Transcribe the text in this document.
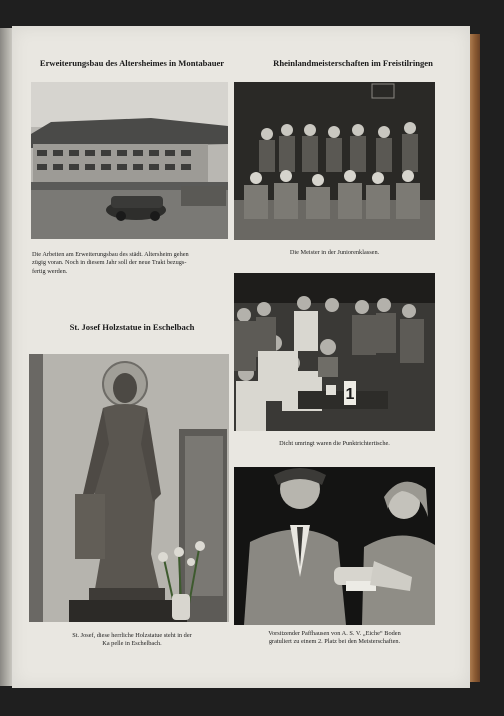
Erweiterungsbau des Altersheimes in Montabauer
Die Arbeiten am Erweiterungsbau des städt. Altersheim gehen
zügig voran. Noch in diesem Jahr soll der neue Trakt bezugs-
fertig werden.
St. Josef Holzstatue in Eschelbach
St. Josef, diese herrliche Holzstatue steht in der
Ka pelle in Eschelbach.
Rheinlandmeisterschaften im Freistilringen
Die Meister in der Juniorenklassen.
1
Dicht umringt waren die Punktrichtertische.
Vorsitzender Paffhausen von A. S. V. „Eiche“ Boden
gratuliert zu einem 2. Platz bei den Meisterschaften.
